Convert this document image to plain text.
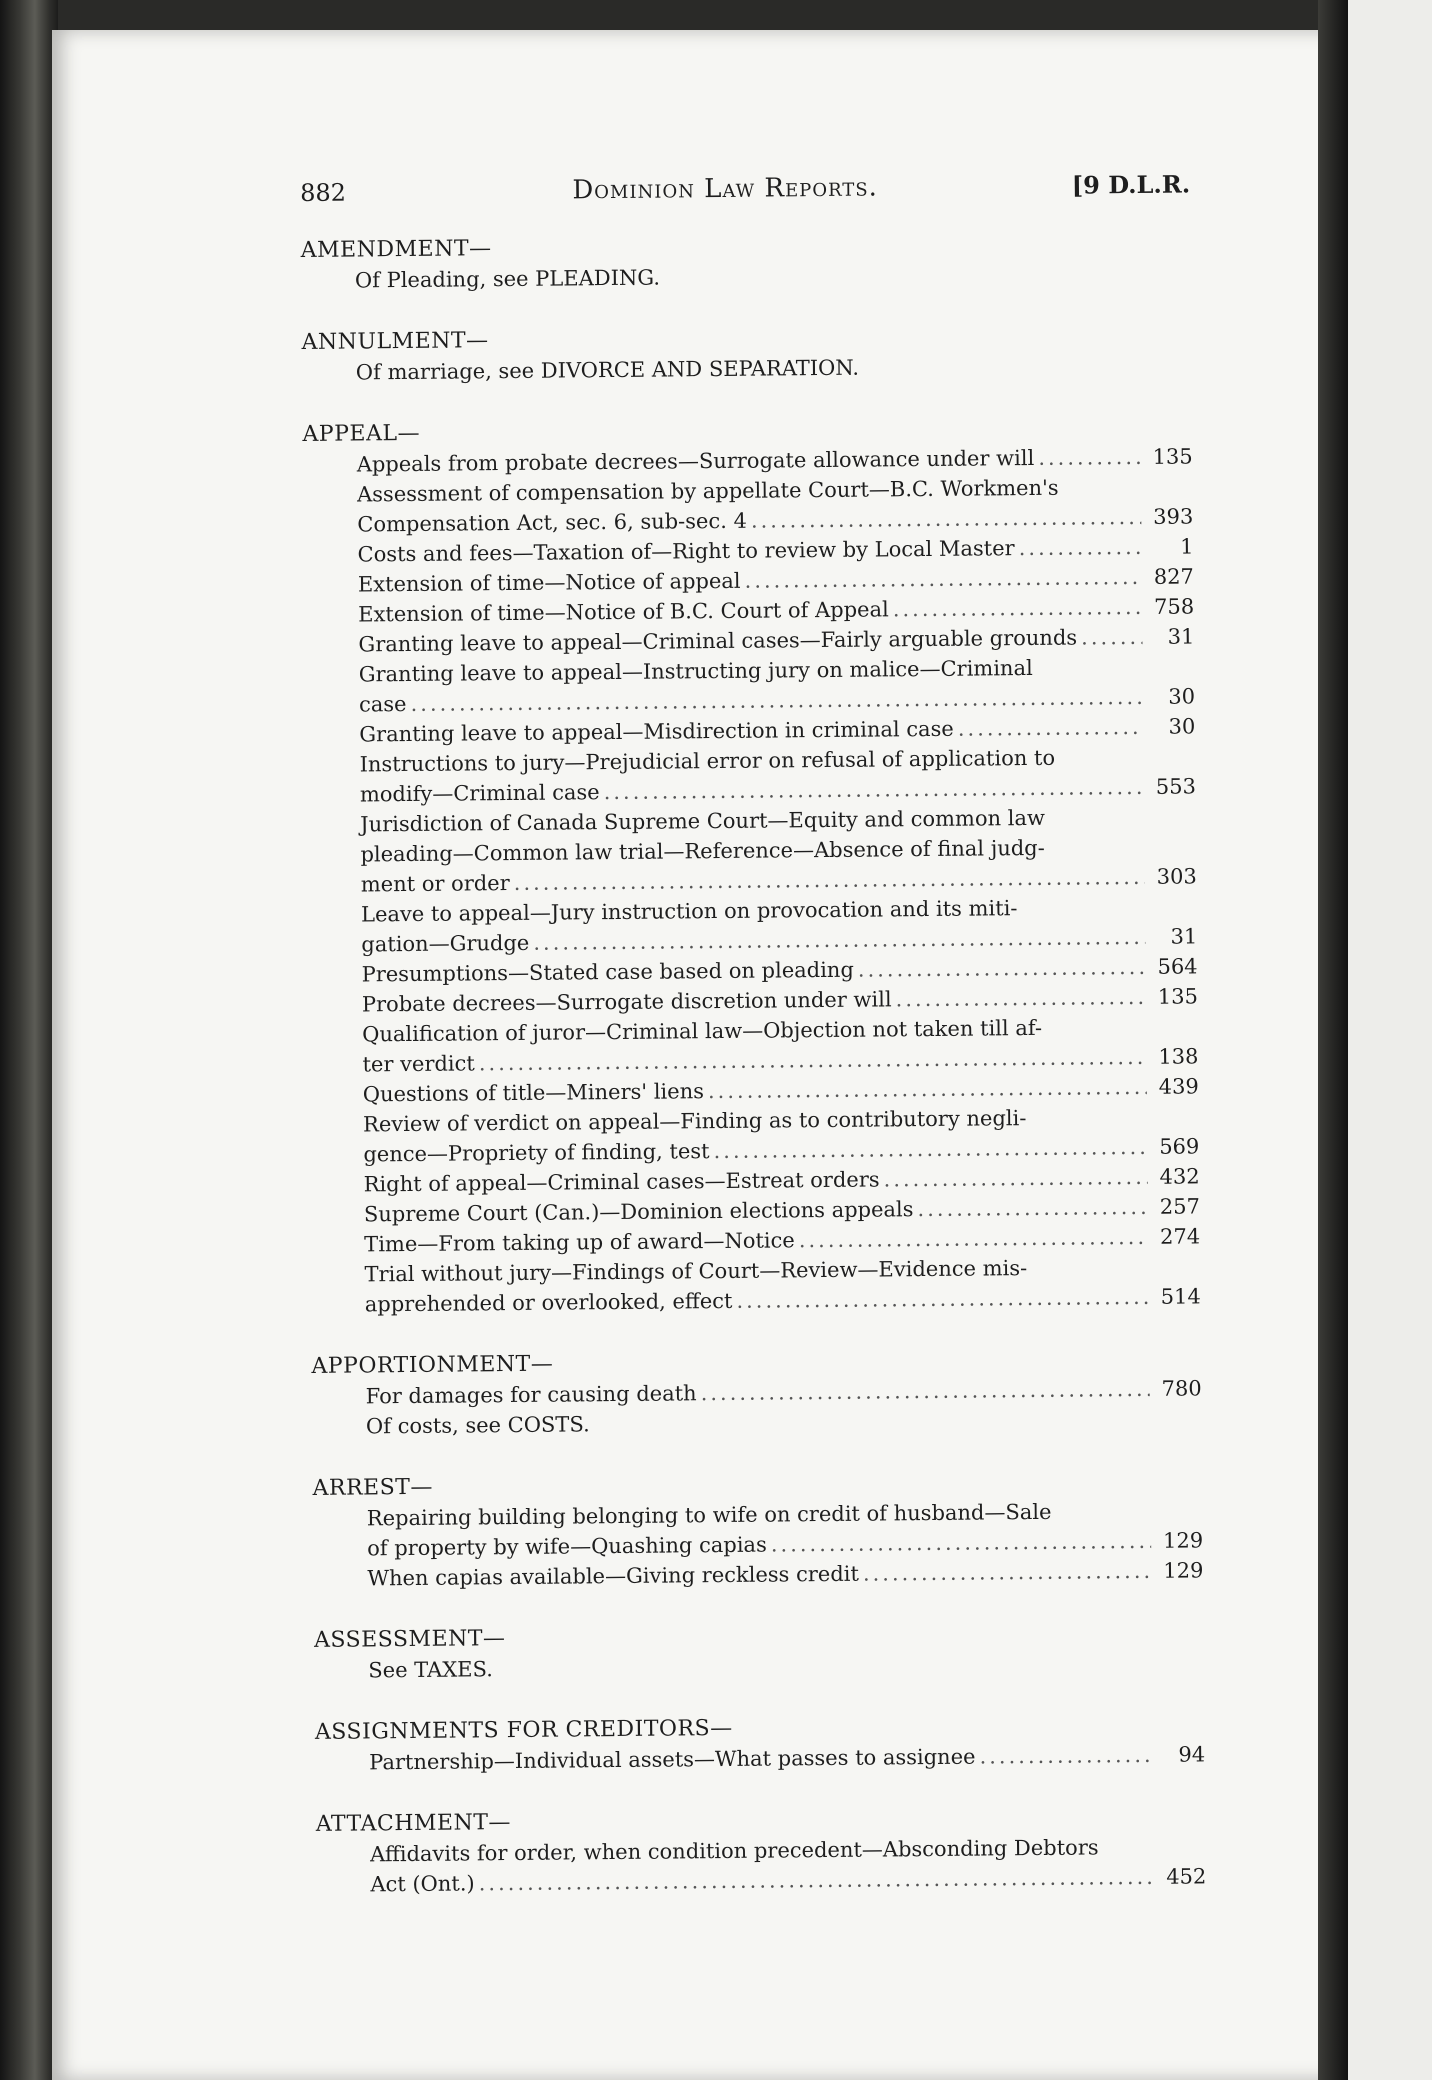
882	Dominion Law Reports.	[9 D.L.R.
AMENDMENT—
Of Pleading, see PLEADING.
ANNULMENT—
Of marriage, see DIVORCE AND SEPARATION.
APPEAL—
Appeals from probate decrees—Surrogate allowance under will .....	135
Assessment of compensation by appellate Court—B.C. Workmen's
Compensation Act, sec. 6, sub-sec. 4 .....	393
Costs and fees—Taxation of—Right to review by Local Master .....	1
Extension of time—Notice of appeal .....	827
Extension of time—Notice of B.C. Court of Appeal .....	758
Granting leave to appeal—Criminal cases—Fairly arguable grounds .....	31
Granting leave to appeal—Instructing jury on malice—Criminal
case .....	30
Granting leave to appeal—Misdirection in criminal case .....	30
Instructions to jury—Prejudicial error on refusal of application to
modify—Criminal case .....	553
Jurisdiction of Canada Supreme Court—Equity and common law
pleading—Common law trial—Reference—Absence of final judg-
ment or order .....	303
Leave to appeal—Jury instruction on provocation and its miti-
gation—Grudge .....	31
Presumptions—Stated case based on pleading .....	564
Probate decrees—Surrogate discretion under will .....	135
Qualification of juror—Criminal law—Objection not taken till af-
ter verdict .....	138
Questions of title—Miners' liens .....	439
Review of verdict on appeal—Finding as to contributory negli-
gence—Propriety of finding, test .....	569
Right of appeal—Criminal cases—Estreat orders .....	432
Supreme Court (Can.)—Dominion elections appeals .....	257
Time—From taking up of award—Notice .....	274
Trial without jury—Findings of Court—Review—Evidence mis-
apprehended or overlooked, effect .....	514
APPORTIONMENT—
For damages for causing death .....	780
Of costs, see COSTS.
ARREST—
Repairing building belonging to wife on credit of husband—Sale
of property by wife—Quashing capias .....	129
When capias available—Giving reckless credit .....	129
ASSESSMENT—
See TAXES.
ASSIGNMENTS FOR CREDITORS—
Partnership—Individual assets—What passes to assignee .....	94
ATTACHMENT—
Affidavits for order, when condition precedent—Absconding Debtors
Act (Ont.) .....	452
